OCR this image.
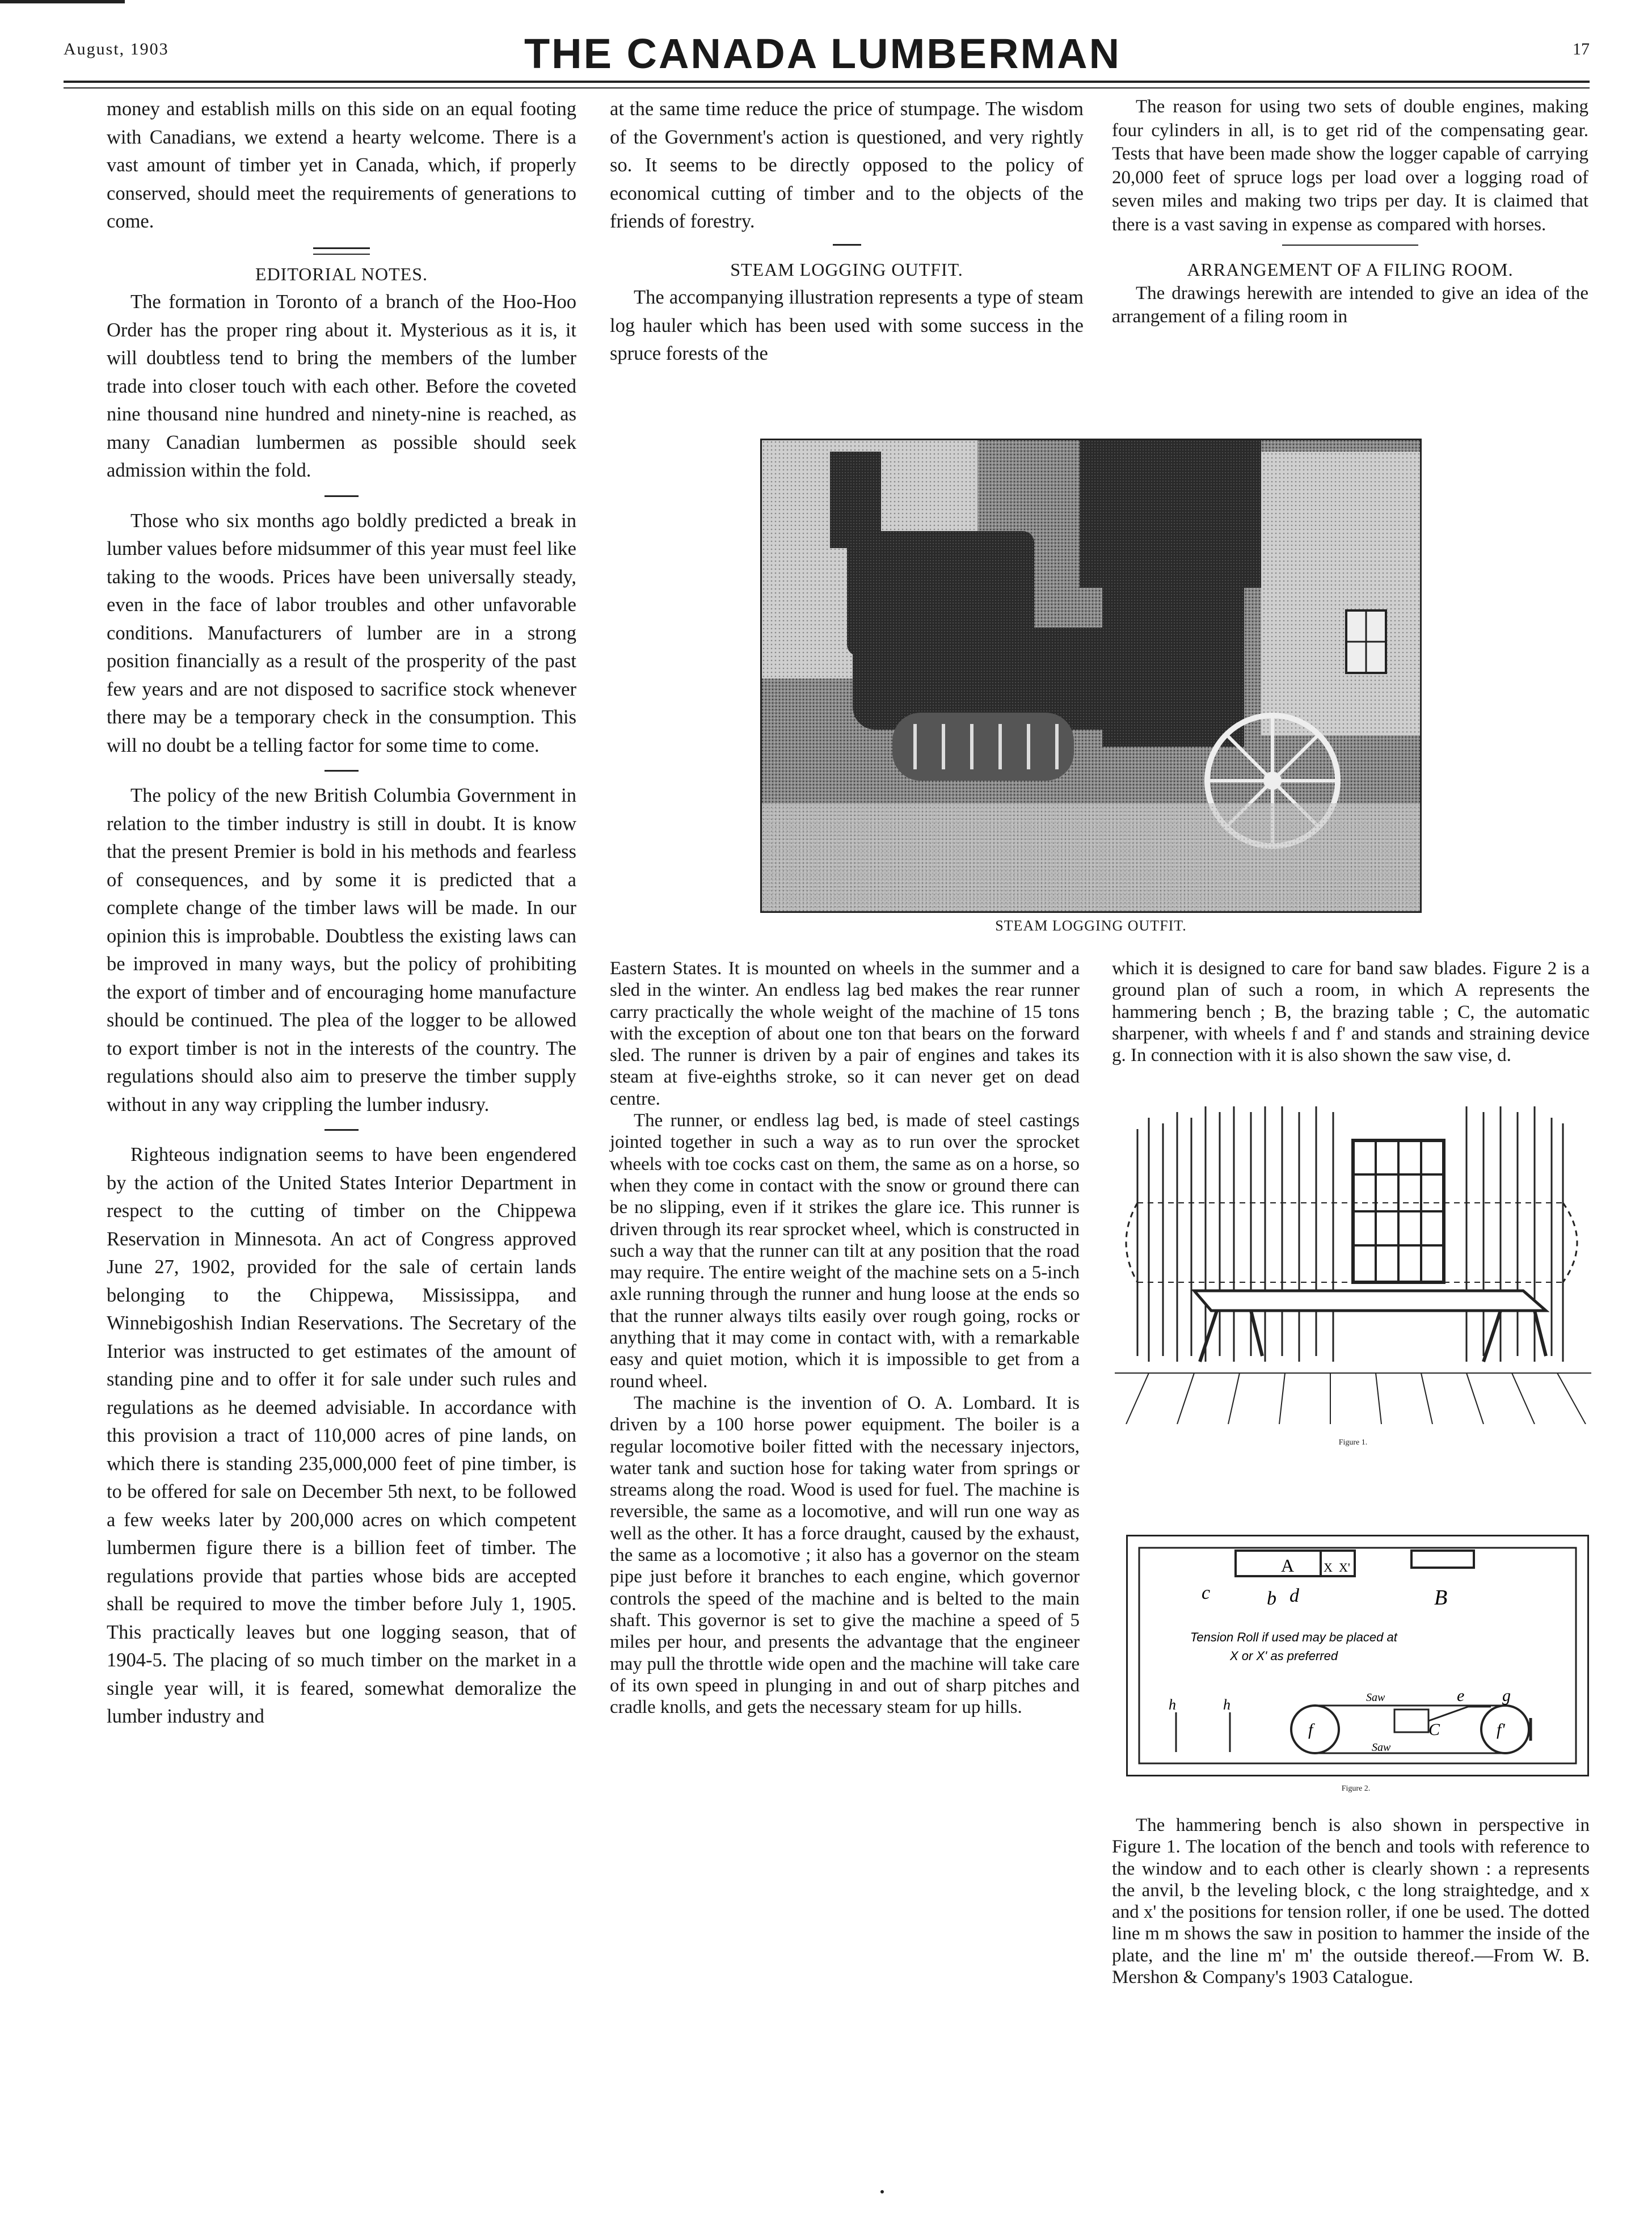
August, 1903	THE CANADA LUMBERMAN	17

money and establish mills on this side on an equal footing with Canadians, we extend a hearty welcome. There is a vast amount of timber yet in Canada, which, if properly conserved, should meet the requirements of generations to come.

EDITORIAL NOTES.

The formation in Toronto of a branch of the Hoo-Hoo Order has the proper ring about it. Mysterious as it is, it will doubtless tend to bring the members of the lumber trade into closer touch with each other. Before the coveted nine thousand nine hundred and ninety-nine is reached, as many Canadian lumbermen as possible should seek admission within the fold.

Those who six months ago boldly predicted a break in lumber values before midsummer of this year must feel like taking to the woods. Prices have been universally steady, even in the face of labor troubles and other unfavorable conditions. Manufacturers of lumber are in a strong position financially as a result of the prosperity of the past few years and are not disposed to sacrifice stock whenever there may be a temporary check in the consumption. This will no doubt be a telling factor for some time to come.

The policy of the new British Columbia Government in relation to the timber industry is still in doubt. It is know that the present Premier is bold in his methods and fearless of consequences, and by some it is predicted that a complete change of the timber laws will be made. In our opinion this is improbable. Doubtless the existing laws can be improved in many ways, but the policy of prohibiting the export of timber and of encouraging home manufacture should be continued. The plea of the logger to be allowed to export timber is not in the interests of the country. The regulations should also aim to preserve the timber supply without in any way crippling the lumber indusry.

Righteous indignation seems to have been engendered by the action of the United States Interior Department in respect to the cutting of timber on the Chippewa Reservation in Minnesota. An act of Congress approved June 27, 1902, provided for the sale of certain lands belonging to the Chippewa, Mississippa, and Winnebigoshish Indian Reservations. The Secretary of the Interior was instructed to get estimates of the amount of standing pine and to offer it for sale under such rules and regulations as he deemed advisiable. In accordance with this provision a tract of 110,000 acres of pine lands, on which there is standing 235,000,000 feet of pine timber, is to be offered for sale on December 5th next, to be followed a few weeks later by 200,000 acres on which competent lumbermen figure there is a billion feet of timber. The regulations provide that parties whose bids are accepted shall be required to move the timber before July 1, 1905. This practically leaves but one logging season, that of 1904-5. The placing of so much timber on the market in a single year will, it is feared, somewhat demoralize the lumber industry and

at the same time reduce the price of stumpage. The wisdom of the Government's action is questioned, and very rightly so. It seems to be directly opposed to the policy of economical cutting of timber and to the objects of the friends of forestry.

STEAM LOGGING OUTFIT.

The accompanying illustration represents a type of steam log hauler which has been used with some success in the spruce forests of the

The reason for using two sets of double engines, making four cylinders in all, is to get rid of the compensating gear. Tests that have been made show the logger capable of carrying 20,000 feet of spruce logs per load over a logging road of seven miles and making two trips per day. It is claimed that there is a vast saving in expense as compared with horses.

ARRANGEMENT OF A FILING ROOM.

The drawings herewith are intended to give an idea of the arrangement of a filing room in

STEAM LOGGING OUTFIT.

Eastern States. It is mounted on wheels in the summer and a sled in the winter. An endless lag bed makes the rear runner carry practically the whole weight of the machine of 15 tons with the exception of about one ton that bears on the forward sled. The runner is driven by a pair of engines and takes its steam at five-eighths stroke, so it can never get on dead centre.

The runner, or endless lag bed, is made of steel castings jointed together in such a way as to run over the sprocket wheels with toe cocks cast on them, the same as on a horse, so when they come in contact with the snow or ground there can be no slipping, even if it strikes the glare ice. This runner is driven through its rear sprocket wheel, which is constructed in such a way that the runner can tilt at any position that the road may require. The entire weight of the machine sets on a 5-inch axle running through the runner and hung loose at the ends so that the runner always tilts easily over rough going, rocks or anything that it may come in contact with, with a remarkable easy and quiet motion, which it is impossible to get from a round wheel.

The machine is the invention of O. A. Lombard. It is driven by a 100 horse power equipment. The boiler is a regular locomotive boiler fitted with the necessary injectors, water tank and suction hose for taking water from springs or streams along the road. Wood is used for fuel. The machine is reversible, the same as a locomotive, and will run one way as well as the other. It has a force draught, caused by the exhaust, the same as a locomotive ; it also has a governor on the steam pipe just before it branches to each engine, which governor controls the speed of the machine and is belted to the main shaft. This governor is set to give the machine a speed of 5 miles per hour, and presents the advantage that the engineer may pull the throttle wide open and the machine will take care of its own speed in plunging in and out of sharp pitches and cradle knolls, and gets the necessary steam for up hills.

which it is designed to care for band saw blades. Figure 2 is a ground plan of such a room, in which A represents the hammering bench ; B, the brazing table ; C, the automatic sharpener, with wheels f and f' and stands and straining device g. In connection with it is also shown the saw vise, d.

Figure 1.
A X X'
c	b d	B
Tension Roll if used may be placed at
X or X' as preferred
h	h
f	f'
e g
C
Saw
Saw
Figure 2.

The hammering bench is also shown in perspective in Figure 1. The location of the bench and tools with reference to the window and to each other is clearly shown : a represents the anvil, b the leveling block, c the long straightedge, and x and x' the positions for tension roller, if one be used. The dotted line m m shows the saw in position to hammer the inside of the plate, and the line m' m' the outside thereof.—From W. B. Mershon & Company's 1903 Catalogue.
